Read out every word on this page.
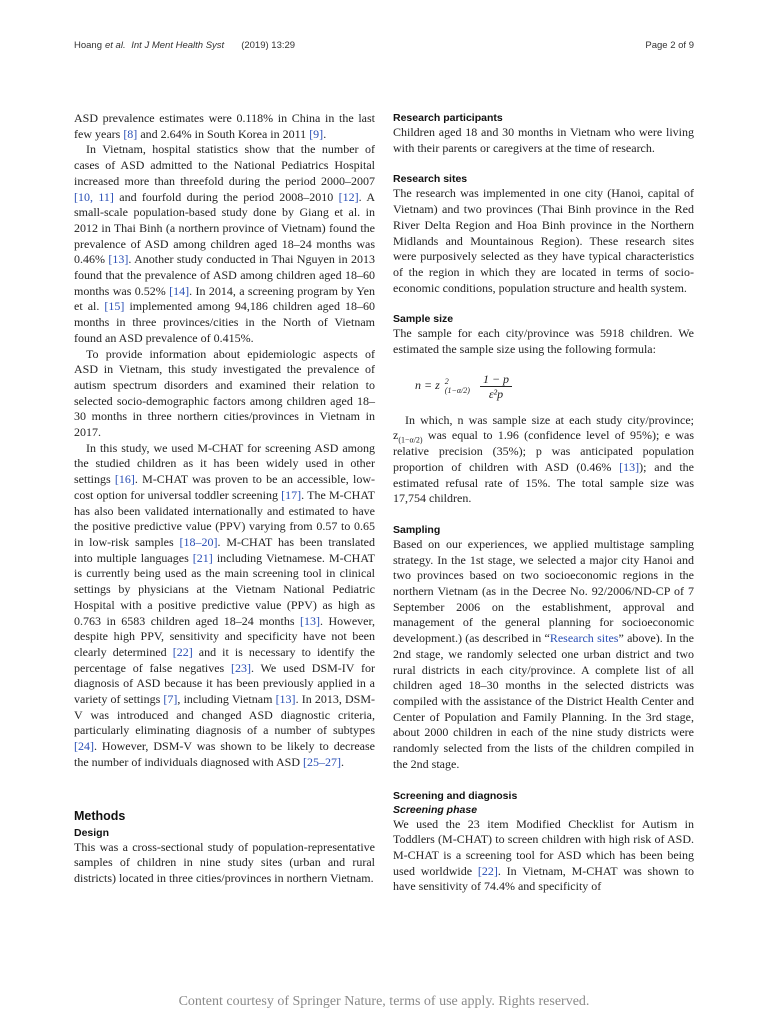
Hoang et al. Int J Ment Health Syst (2019) 13:29	Page 2 of 9

ASD prevalence estimates were 0.118% in China in the last few years [8] and 2.64% in South Korea in 2011 [9].

In Vietnam, hospital statistics show that the number of cases of ASD admitted to the National Pediatrics Hospital increased more than threefold during the period 2000–2007 [10, 11] and fourfold during the period 2008–2010 [12]. A small-scale population-based study done by Giang et al. in 2012 in Thai Binh (a northern province of Vietnam) found the prevalence of ASD among children aged 18–24 months was 0.46% [13]. Another study conducted in Thai Nguyen in 2013 found that the prevalence of ASD among children aged 18–60 months was 0.52% [14]. In 2014, a screening program by Yen et al. [15] implemented among 94,186 children aged 18–60 months in three provinces/cities in the North of Vietnam found an ASD prevalence of 0.415%.

To provide information about epidemiologic aspects of ASD in Vietnam, this study investigated the prevalence of autism spectrum disorders and examined their relation to selected socio-demographic factors among children aged 18–30 months in three northern cities/provinces in Vietnam in 2017.

In this study, we used M-CHAT for screening ASD among the studied children as it has been widely used in other settings [16]. M-CHAT was proven to be an accessible, low-cost option for universal toddler screening [17]. The M-CHAT has also been validated internationally and estimated to have the positive predictive value (PPV) varying from 0.57 to 0.65 in low-risk samples [18–20]. M-CHAT has been translated into multiple languages [21] including Vietnamese. M-CHAT is currently being used as the main screening tool in clinical settings by physicians at the Vietnam National Pediatric Hospital with a positive predictive value (PPV) as high as 0.763 in 6583 children aged 18–24 months [13]. However, despite high PPV, sensitivity and specificity have not been clearly determined [22] and it is necessary to identify the percentage of false negatives [23]. We used DSM-IV for diagnosis of ASD because it has been previously applied in a variety of settings [7], including Vietnam [13]. In 2013, DSM-V was introduced and changed ASD diagnostic criteria, particularly eliminating diagnosis of a number of subtypes [24]. However, DSM-V was shown to be likely to decrease the number of individuals diagnosed with ASD [25–27].

Methods
Design

This was a cross-sectional study of population-representative samples of children in nine study sites (urban and rural districts) located in three cities/provinces in northern Vietnam.

Research participants

Children aged 18 and 30 months in Vietnam who were living with their parents or caregivers at the time of research.

Research sites

The research was implemented in one city (Hanoi, capital of Vietnam) and two provinces (Thai Binh province in the Red River Delta Region and Hoa Binh province in the Northern Midlands and Mountainous Region). These research sites were purposively selected as they have typical characteristics of the region in which they are located in terms of socio-economic conditions, population structure and health system.

Sample size

The sample for each city/province was 5918 children. We estimated the sample size using the following formula:

n = z 2
$(1-\alpha/2) \frac{1 - p}{\text{ε²p}}$

In which, n was sample size at each study city/province; $z_{(1-\alpha/2)}$ was equal to 1.96 (confidence level of 95%); e was relative precision (35%); p was anticipated population proportion of children with ASD (0.46% [13]); and the estimated refusal rate of 15%. The total sample size was 17,754 children.

Sampling

Based on our experiences, we applied multistage sampling strategy. In the 1st stage, we selected a major city Hanoi and two provinces based on two socioeconomic regions in the northern Vietnam (as in the Decree No. 92/2006/ND-CP of 7 September 2006 on the establishment, approval and management of the general planning for socioeconomic development.) (as described in “Research sites” above). In the 2nd stage, we randomly selected one urban district and two rural districts in each city/province. A complete list of all children aged 18–30 months in the selected districts was compiled with the assistance of the District Health Center and Center of Population and Family Planning. In the 3rd stage, about 2000 children in each of the nine study districts were randomly selected from the lists of the children compiled in the 2nd stage.

Screening and diagnosis
Screening phase

We used the 23 item Modified Checklist for Autism in Toddlers (M-CHAT) to screen children with high risk of ASD. M-CHAT is a screening tool for ASD which has been being used worldwide [22]. In Vietnam, M-CHAT was shown to have sensitivity of 74.4% and specificity of

Content courtesy of Springer Nature, terms of use apply. Rights reserved.
